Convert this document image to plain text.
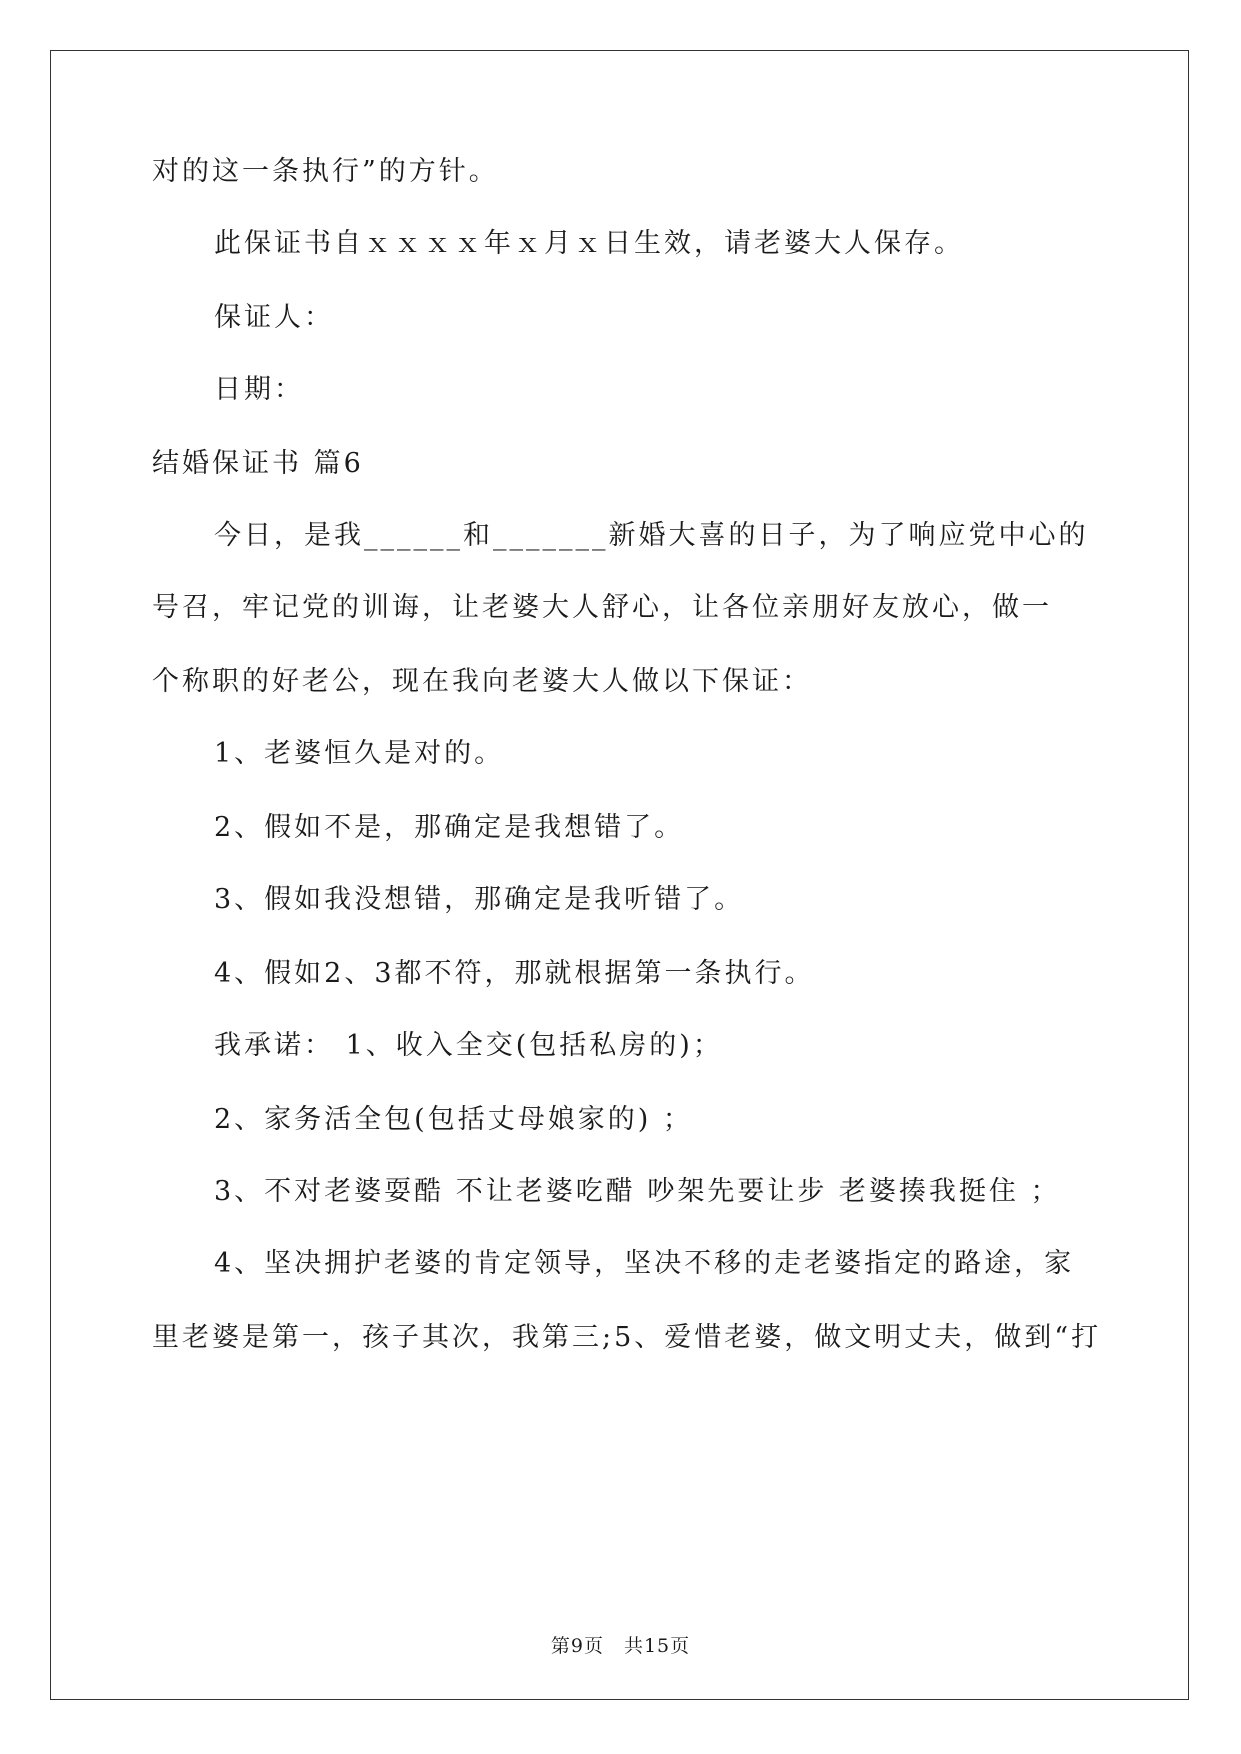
对的这一条执行”的方针。
此保证书自ｘｘｘｘ年ｘ月ｘ日生效，请老婆大人保存。
保证人：
日期：
结婚保证书 篇6
今日，是我______和_______新婚大喜的日子，为了响应党中心的
号召，牢记党的训诲，让老婆大人舒心，让各位亲朋好友放心，做一
个称职的好老公，现在我向老婆大人做以下保证：
1、老婆恒久是对的。
2、假如不是，那确定是我想错了。
3、假如我没想错，那确定是我听错了。
4、假如2、3都不符，那就根据第一条执行。
我承诺： 1、收入全交(包括私房的)；
2、家务活全包(包括丈母娘家的) ；
3、不对老婆耍酷 不让老婆吃醋 吵架先要让步 老婆揍我挺住 ；
4、坚决拥护老婆的肯定领导，坚决不移的走老婆指定的路途，家
里老婆是第一，孩子其次，我第三;5、爱惜老婆，做文明丈夫，做到“打
第9页 共15页
